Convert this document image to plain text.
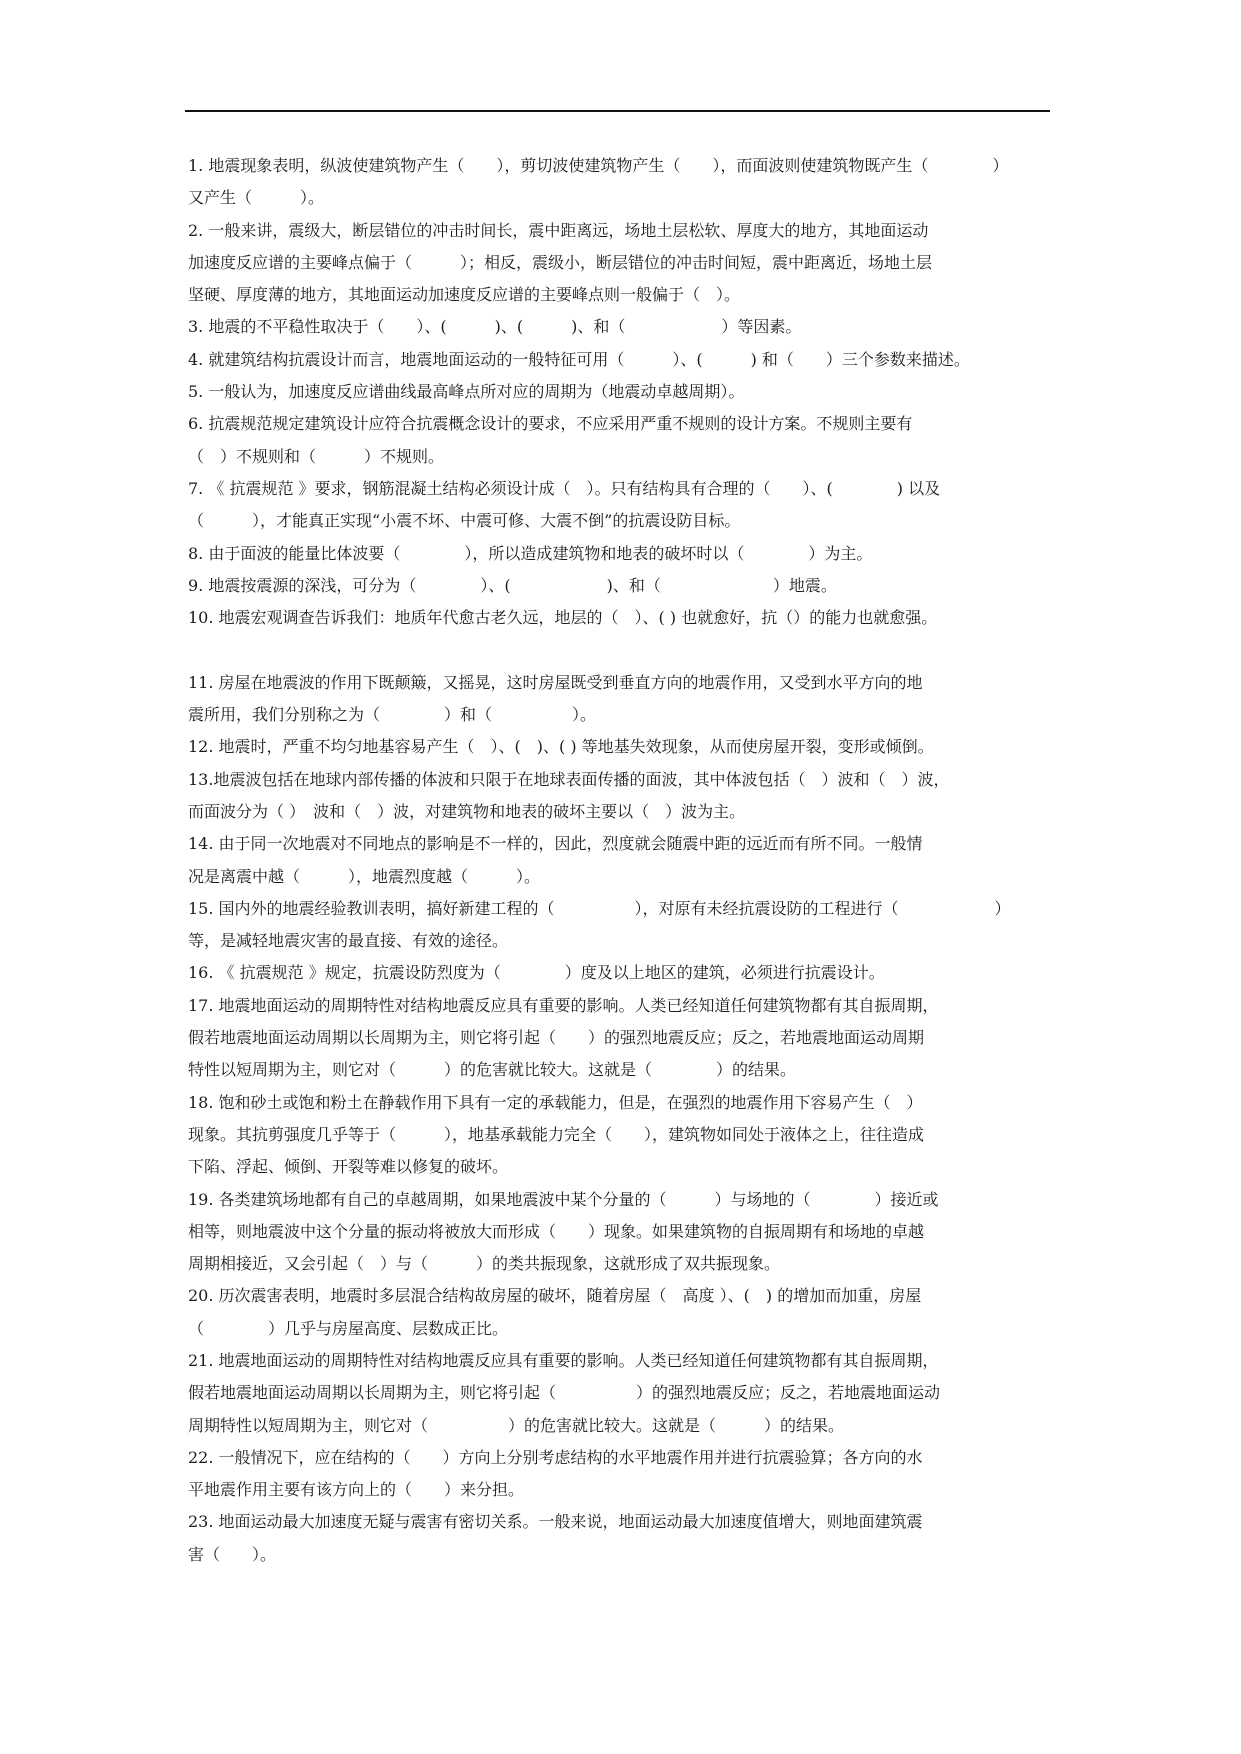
1. 地震现象表明，纵波使建筑物产生（　　），剪切波使建筑物产生（　　），而面波则使建筑物既产生（　　　　）
又产生（　　　）。
2. 一般来讲，震级大，断层错位的冲击时间长，震中距离远，场地土层松软、厚度大的地方，其地面运动
加速度反应谱的主要峰点偏于（　　　）；相反，震级小，断层错位的冲击时间短，震中距离近，场地土层
坚硬、厚度薄的地方，其地面运动加速度反应谱的主要峰点则一般偏于（　）。
3. 地震的不平稳性取决于（　　）、(　　　)、(　　　)、和（　　　　　　）等因素。
4. 就建筑结构抗震设计而言，地震地面运动的一般特征可用（　　　）、(　　　) 和（　　）三个参数来描述。
5. 一般认为，加速度反应谱曲线最高峰点所对应的周期为（地震动卓越周期）。
6. 抗震规范规定建筑设计应符合抗震概念设计的要求，不应采用严重不规则的设计方案。不规则主要有
（　）不规则和（　　　）不规则。
7. 《 抗震规范 》要求，钢筋混凝土结构必须设计成（　）。只有结构具有合理的（　　）、(　　　　) 以及
（　　　），才能真正实现“小震不坏、中震可修、大震不倒”的抗震设防目标。
8. 由于面波的能量比体波要（　　　　），所以造成建筑物和地表的破坏时以（　　　　）为主。
9. 地震按震源的深浅，可分为（　　　　）、(　　　　　　)、和（　　　　　　　）地震。
10. 地震宏观调查告诉我们：地质年代愈古老久远，地层的（　）、( ) 也就愈好，抗（）的能力也就愈强。
11. 房屋在地震波的作用下既颠簸，又摇晃，这时房屋既受到垂直方向的地震作用，又受到水平方向的地
震所用，我们分别称之为（　　　　）和（　　　　　）。
12. 地震时，严重不均匀地基容易产生（　）、(　)、( ) 等地基失效现象，从而使房屋开裂，变形或倾倒。
13.地震波包括在地球内部传播的体波和只限于在地球表面传播的面波，其中体波包括（　）波和（　）波，
而面波分为（ ）　波和（　）波，对建筑物和地表的破坏主要以（　）波为主。
14. 由于同一次地震对不同地点的影响是不一样的，因此，烈度就会随震中距的远近而有所不同。一般情
况是离震中越（　　　），地震烈度越（　　　）。
15. 国内外的地震经验教训表明，搞好新建工程的（　　　　　），对原有未经抗震设防的工程进行（　　　　　　）
等，是减轻地震灾害的最直接、有效的途径。
16. 《 抗震规范 》规定，抗震设防烈度为（　　　　）度及以上地区的建筑，必须进行抗震设计。
17. 地震地面运动的周期特性对结构地震反应具有重要的影响。人类已经知道任何建筑物都有其自振周期，
假若地震地面运动周期以长周期为主，则它将引起（　　）的强烈地震反应；反之，若地震地面运动周期
特性以短周期为主，则它对（　　　）的危害就比较大。这就是（　　　　）的结果。
18. 饱和砂土或饱和粉土在静载作用下具有一定的承载能力，但是，在强烈的地震作用下容易产生（　）
现象。其抗剪强度几乎等于（　　　），地基承载能力完全（　　），建筑物如同处于液体之上，往往造成
下陷、浮起、倾倒、开裂等难以修复的破坏。
19. 各类建筑场地都有自己的卓越周期，如果地震波中某个分量的（　　　）与场地的（　　　　）接近或
相等，则地震波中这个分量的振动将被放大而形成（　　）现象。如果建筑物的自振周期有和场地的卓越
周期相接近，又会引起（　）与（　　　）的类共振现象，这就形成了双共振现象。
20. 历次震害表明，地震时多层混合结构故房屋的破坏，随着房屋（　高度 ）、(　) 的增加而加重，房屋
（　　　　）几乎与房屋高度、层数成正比。
21. 地震地面运动的周期特性对结构地震反应具有重要的影响。人类已经知道任何建筑物都有其自振周期，
假若地震地面运动周期以长周期为主，则它将引起（　　　　　）的强烈地震反应；反之，若地震地面运动
周期特性以短周期为主，则它对（　　　　　）的危害就比较大。这就是（　　　）的结果。
22. 一般情况下，应在结构的（　　）方向上分别考虑结构的水平地震作用并进行抗震验算；各方向的水
平地震作用主要有该方向上的（　　）来分担。
23. 地面运动最大加速度无疑与震害有密切关系。一般来说，地面运动最大加速度值增大，则地面建筑震
害（　　）。
